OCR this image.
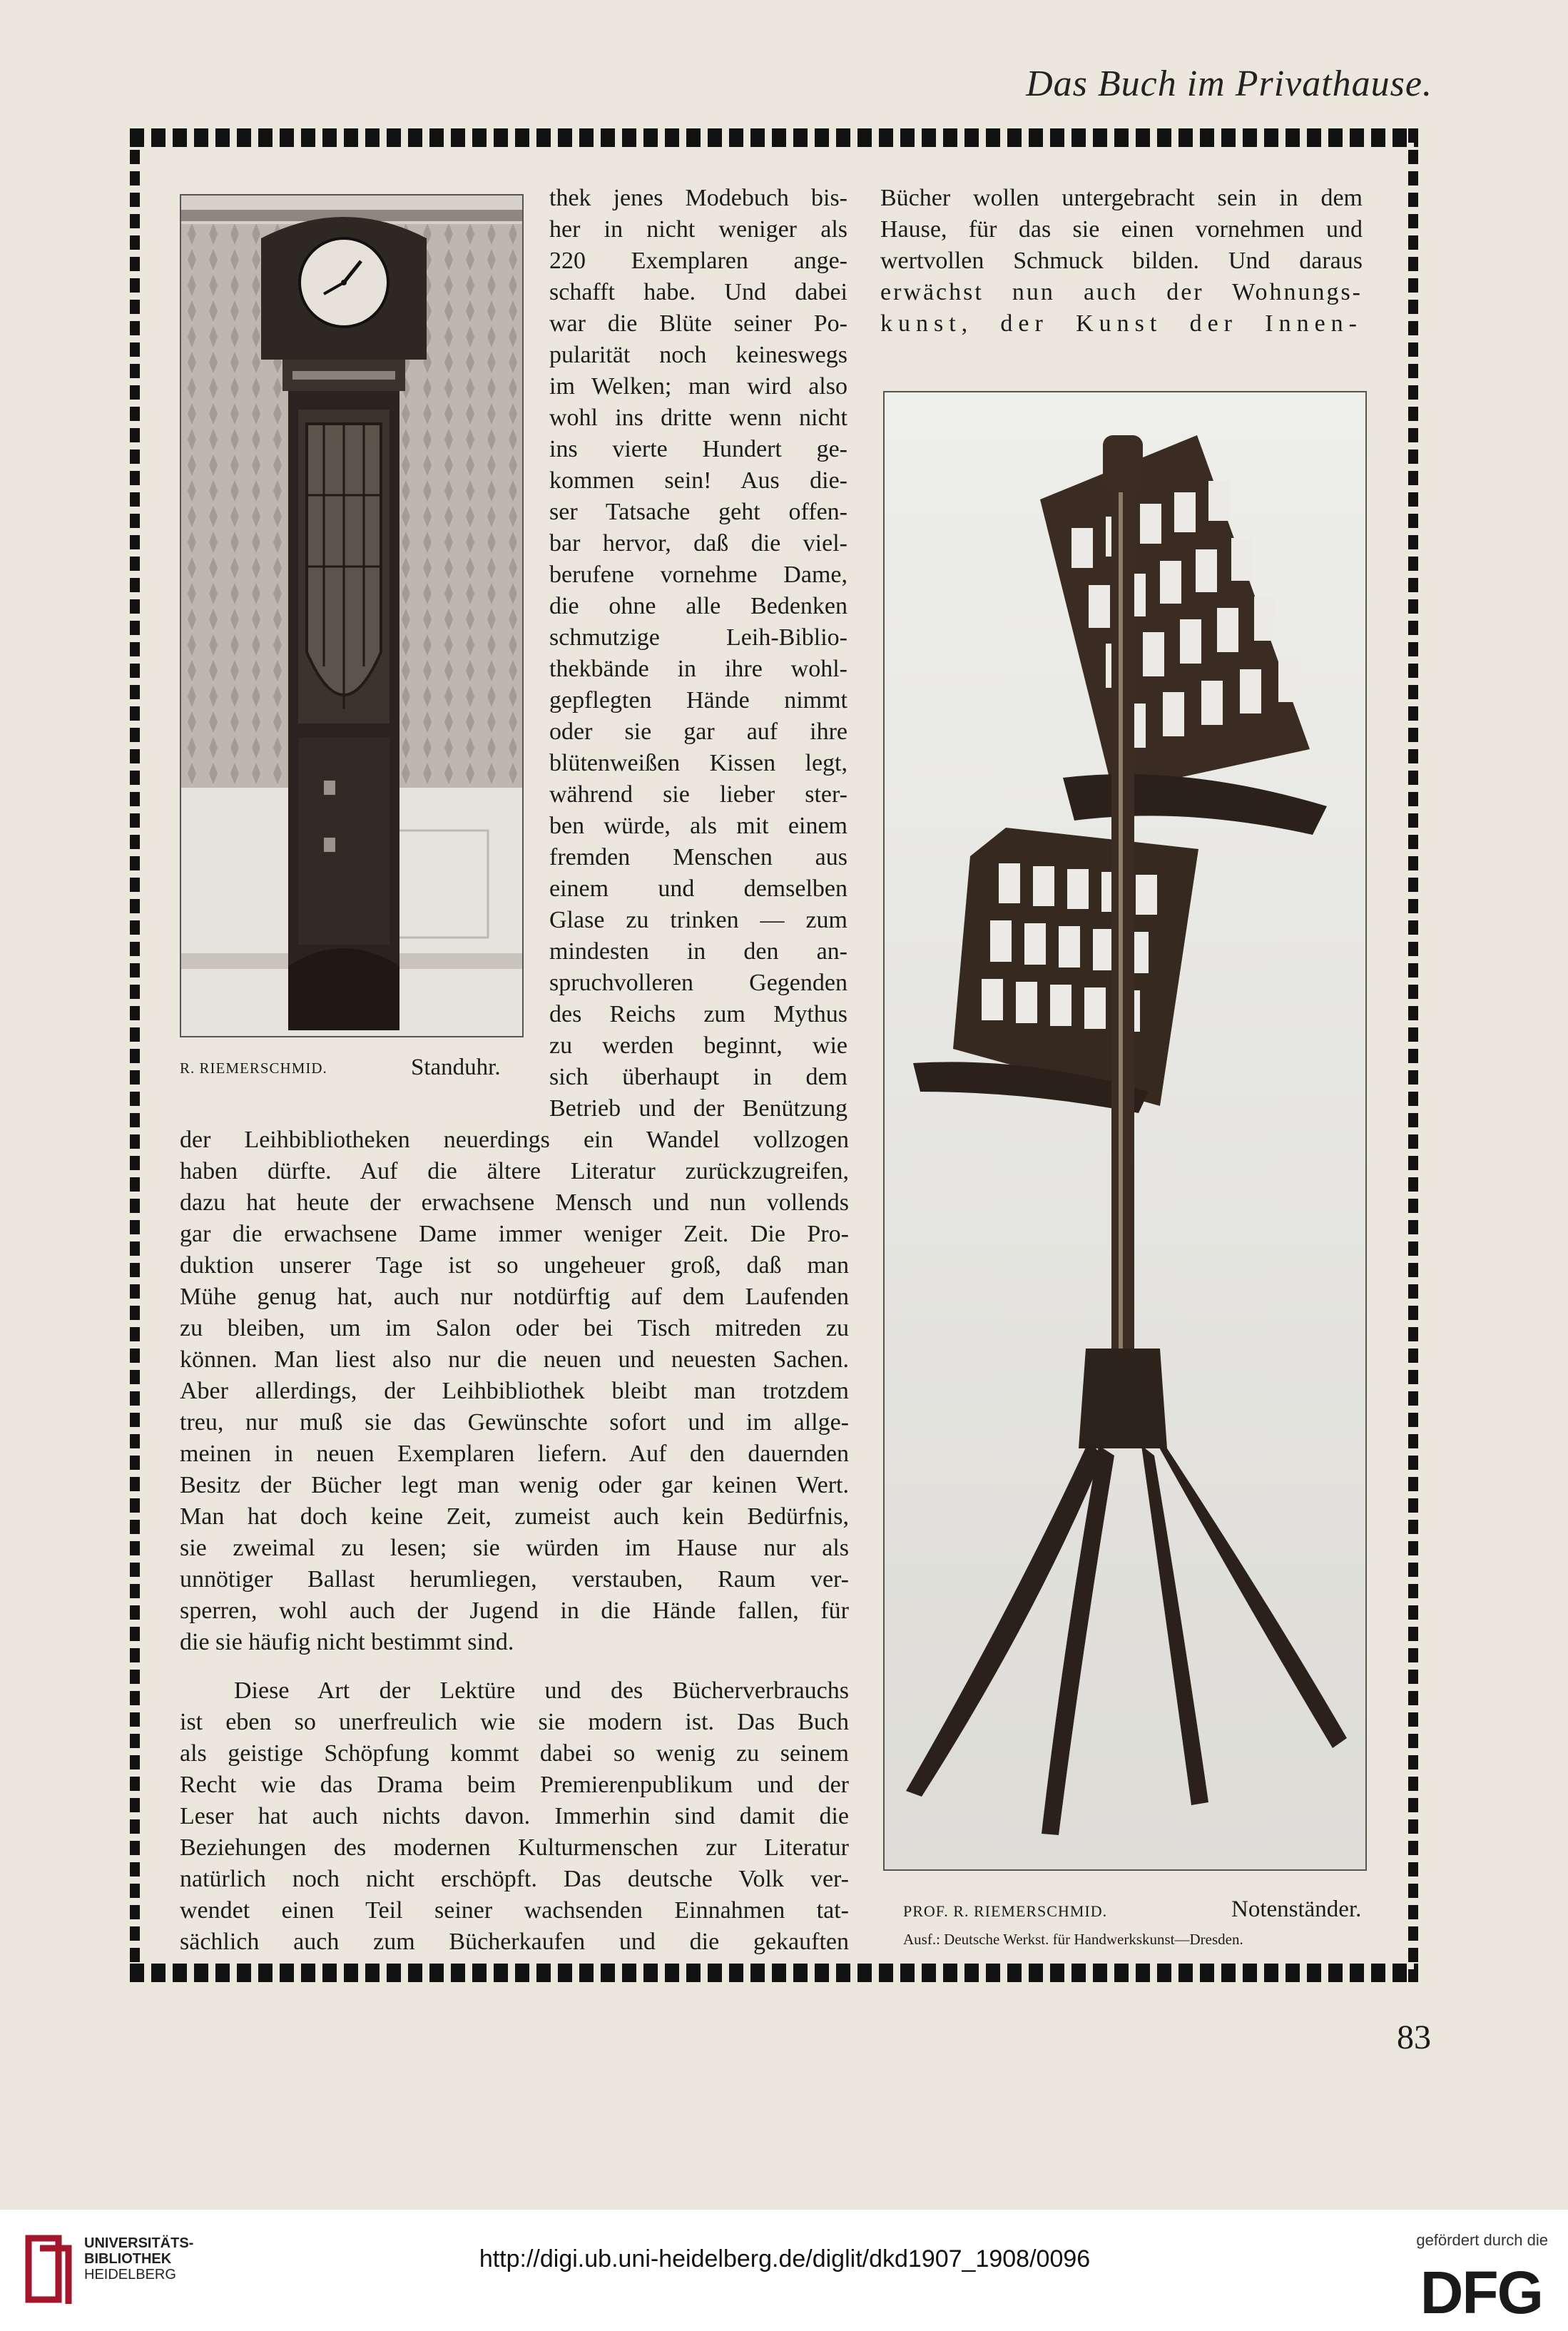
Das Buch im Privathause.
R. RIEMERSCHMID.	Standuhr.
thek jenes Modebuch bis-
her in nicht weniger als
220 Exemplaren ange-
schafft habe. Und dabei
war die Blüte seiner Po-
pularität noch keineswegs
im Welken; man wird also
wohl ins dritte wenn nicht
ins vierte Hundert ge-
kommen sein! Aus die-
ser Tatsache geht offen-
bar hervor, daß die viel-
berufene vornehme Dame,
die ohne alle Bedenken
schmutzige Leih-Biblio-
thekbände in ihre wohl-
gepflegten Hände nimmt
oder sie gar auf ihre
blütenweißen Kissen legt,
während sie lieber ster-
ben würde, als mit einem
fremden Menschen aus
einem und demselben
Glase zu trinken — zum
mindesten in den an-
spruchvolleren Gegenden
des Reichs zum Mythus
zu werden beginnt, wie
sich überhaupt in dem
Betrieb und der Benützung
Bücher wollen untergebracht sein in dem
Hause, für das sie einen vornehmen und
wertvollen Schmuck bilden. Und daraus
erwächst nun auch der Wohnungs-
kunst, der Kunst der Innen-
PROF. R. RIEMERSCHMID.	Notenständer.
Ausf.: Deutsche Werkst. für Handwerkskunst—Dresden.
der Leihbibliotheken neuerdings ein Wandel vollzogen
haben dürfte. Auf die ältere Literatur zurückzugreifen,
dazu hat heute der erwachsene Mensch und nun vollends
gar die erwachsene Dame immer weniger Zeit. Die Pro-
duktion unserer Tage ist so ungeheuer groß, daß man
Mühe genug hat, auch nur notdürftig auf dem Laufenden
zu bleiben, um im Salon oder bei Tisch mitreden zu
können. Man liest also nur die neuen und neuesten Sachen.
Aber allerdings, der Leihbibliothek bleibt man trotzdem
treu, nur muß sie das Gewünschte sofort und im allge-
meinen in neuen Exemplaren liefern. Auf den dauernden
Besitz der Bücher legt man wenig oder gar keinen Wert.
Man hat doch keine Zeit, zumeist auch kein Bedürfnis,
sie zweimal zu lesen; sie würden im Hause nur als
unnötiger Ballast herumliegen, verstauben, Raum ver-
sperren, wohl auch der Jugend in die Hände fallen, für
die sie häufig nicht bestimmt sind.
Diese Art der Lektüre und des Bücherverbrauchs
ist eben so unerfreulich wie sie modern ist. Das Buch
als geistige Schöpfung kommt dabei so wenig zu seinem
Recht wie das Drama beim Premierenpublikum und der
Leser hat auch nichts davon. Immerhin sind damit die
Beziehungen des modernen Kulturmenschen zur Literatur
natürlich noch nicht erschöpft. Das deutsche Volk ver-
wendet einen Teil seiner wachsenden Einnahmen tat-
sächlich auch zum Bücherkaufen und die gekauften
83
UNIVERSITÄTS-
BIBLIOTHEK
HEIDELBERG
http://digi.ub.uni-heidelberg.de/diglit/dkd1907_1908/0096
gefördert durch die
DFG
